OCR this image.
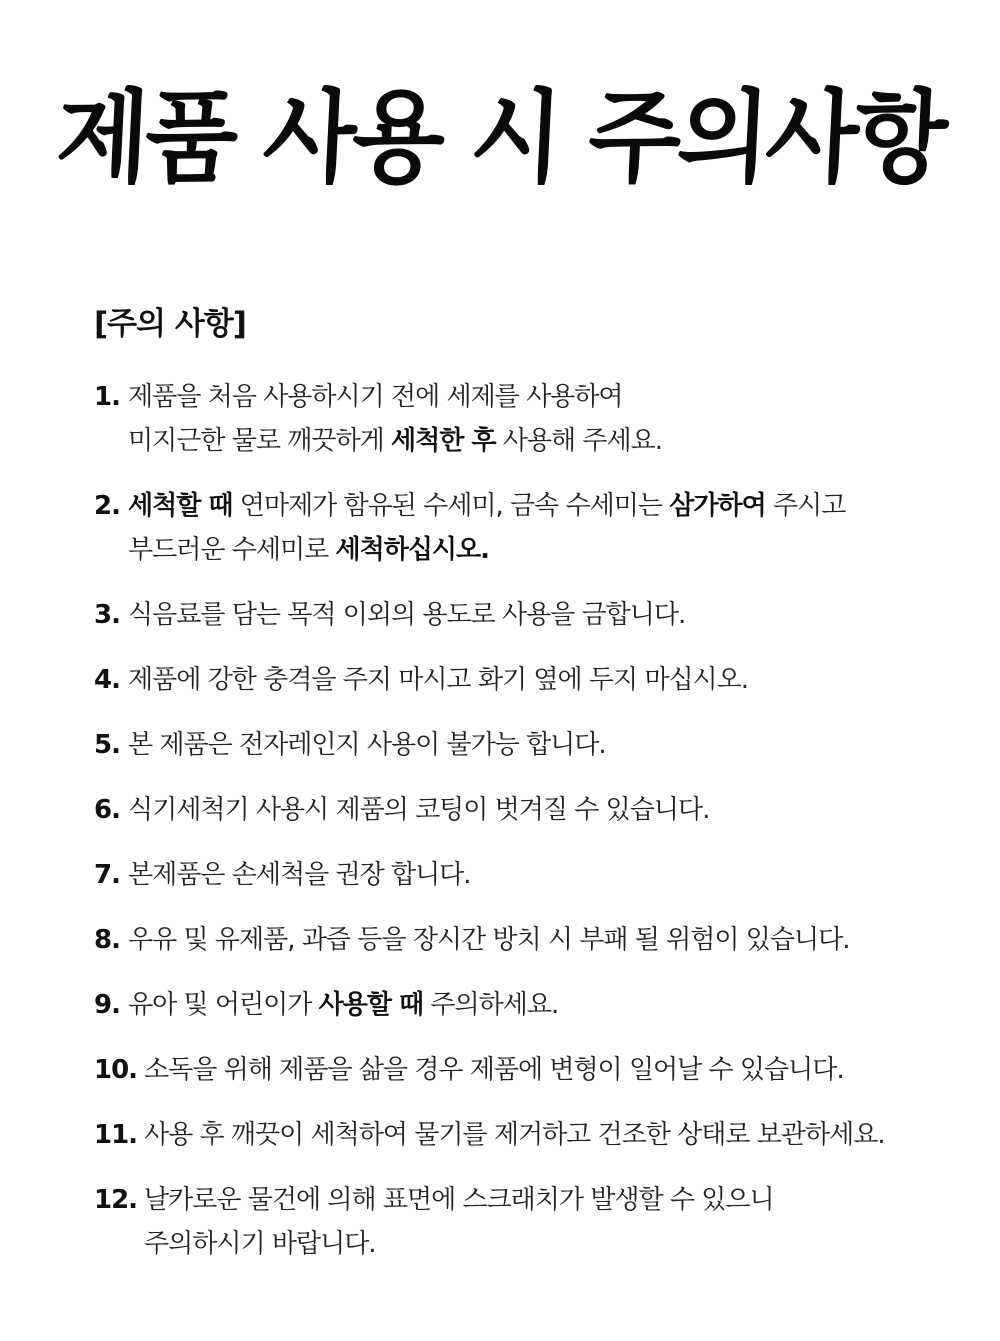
제품 사용 시 주의사항
[주의 사항]
1. 제품을 처음 사용하시기 전에 세제를 사용하여
미지근한 물로 깨끗하게 세척한 후 사용해 주세요.
2. 세척할 때 연마제가 함유된 수세미, 금속 수세미는 삼가하여 주시고
부드러운 수세미로 세척하십시오.
3. 식음료를 담는 목적 이외의 용도로 사용을 금합니다.
4. 제품에 강한 충격을 주지 마시고 화기 옆에 두지 마십시오.
5. 본 제품은 전자레인지 사용이 불가능 합니다.
6. 식기세척기 사용시 제품의 코팅이 벗겨질 수 있습니다.
7. 본제품은 손세척을 권장 합니다.
8. 우유 및 유제품, 과즙 등을 장시간 방치 시 부패 될 위험이 있습니다.
9. 유아 및 어린이가 사용할 때 주의하세요.
10. 소독을 위해 제품을 삶을 경우 제품에 변형이 일어날 수 있습니다.
11. 사용 후 깨끗이 세척하여 물기를 제거하고 건조한 상태로 보관하세요.
12. 날카로운 물건에 의해 표면에 스크래치가 발생할 수 있으니
주의하시기 바랍니다.
